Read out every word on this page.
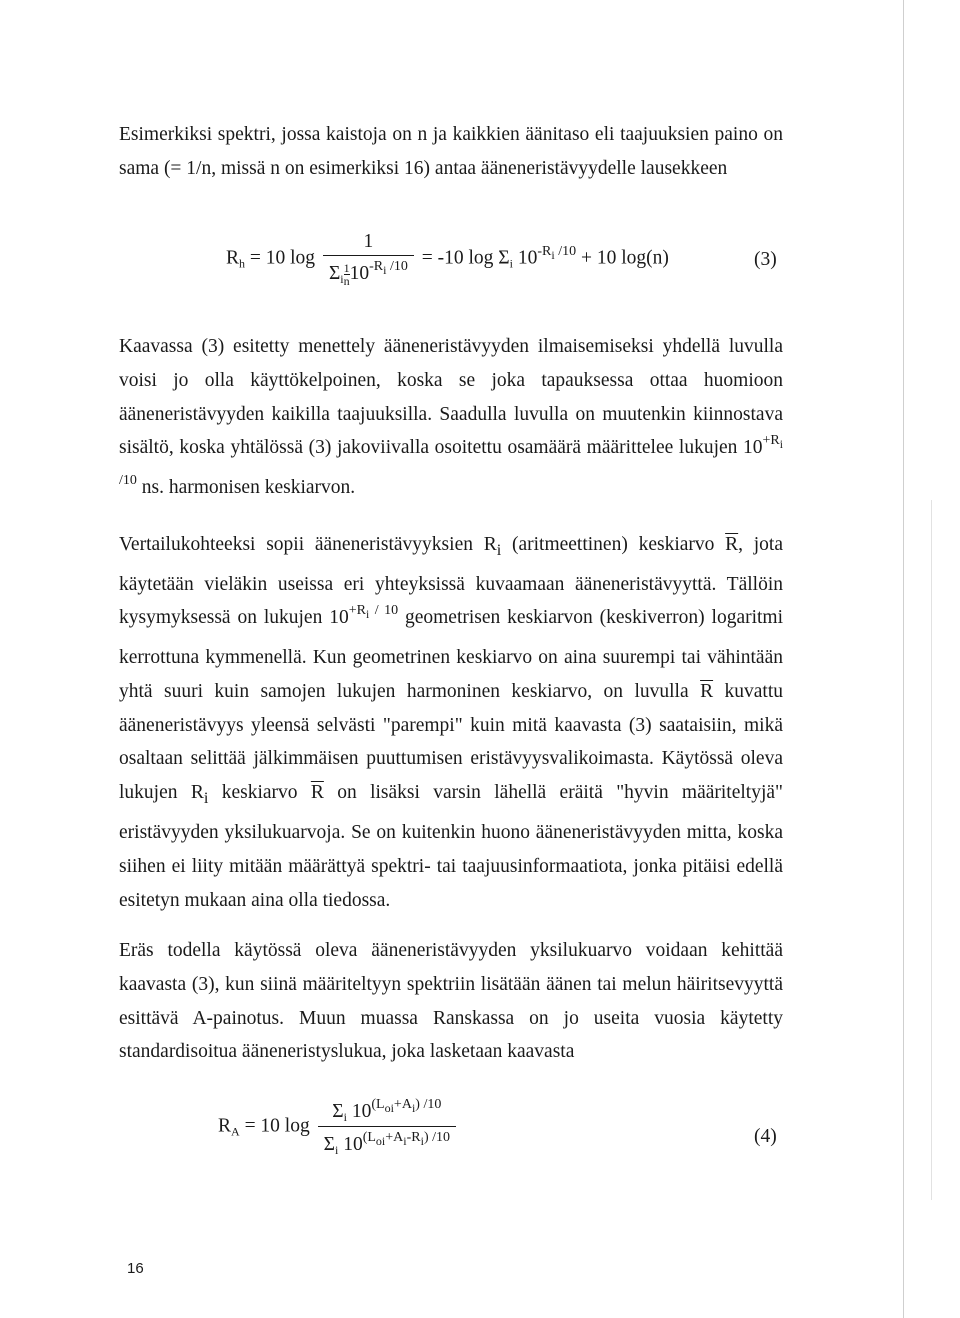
Esimerkiksi spektri, jossa kaistoja on n ja kaikkien äänitaso eli taajuuksien paino on sama (= 1/n, missä n on esimerkiksi 16) antaa ääneneristävyydelle lausekkeen

$R_h = 10$ $\log \frac{1}{\Sigma_i \frac{1}{n} 10^{-R_i /10}} = -10$ $\log \Sigma_i$ $10^{-R_i /10} + 10$ log(n)	(3)

Kaavassa (3) esitetty menettely ääneneristävyyden ilmaisemiseksi yhdellä luvulla voisi jo olla käyttökelpoinen, koska se joka tapauksessa ottaa huomioon ääneneristävyyden kaikilla taajuuksilla. Saadulla luvulla on muutenkin kiinnostava sisältö, koska yhtälössä (3) jakoviivalla osoitettu osamäärä määrittelee lukujen $10^{+R_i /10}$ ns. harmonisen keskiarvon.

Vertailukohteeksi sopii ääneneristävyyksien $R_i$ (aritmeettinen) keskiarvo $\overline{R}$, jota käytetään vieläkin useissa eri yhteyksissä kuvaamaan ääneneristävyyttä. Tällöin kysymyksessä on lukujen $10^{+R_i / 10}$ geometrisen keskiarvon (keskiverron) logaritmi kerrottuna kymmenellä. Kun geometrinen keskiarvo on aina suurempi tai vähintään yhtä suuri kuin samojen lukujen harmoninen keskiarvo, on luvulla $\overline{R}$ kuvattu ääneneristävyys yleensä selvästi "parempi" kuin mitä kaavasta (3) saataisiin, mikä osaltaan selittää jälkimmäisen puuttumisen eristävyysvalikoimasta. Käytössä oleva lukujen $R_i$ keskiarvo $\overline{R}$ on lisäksi varsin lähellä eräitä "hyvin määriteltyjä" eristävyyden yksilukuarvoja. Se on kuitenkin huono ääneneristävyyden mitta, koska siihen ei liity mitään määrättyä spektri- tai taajuusinformaatiota, jonka pitäisi edellä esitetyn mukaan aina olla tiedossa.

Eräs todella käytössä oleva ääneneristävyyden yksilukuarvo voidaan kehittää kaavasta (3), kun siinä määriteltyyn spektriin lisätään äänen tai melun häiritsevyyttä esittävä A-painotus. Muun muassa Ranskassa on jo useita vuosia käytetty standardisoitua ääneneristyslukua, joka lasketaan kaavasta

$R_A = 10$ $\log \frac{\Sigma_i 10^{(L_{oi}+A_i) /10}}{\Sigma_i 10^{(L_{oi}+A_i-R_i) /10}}$	(4)
16
